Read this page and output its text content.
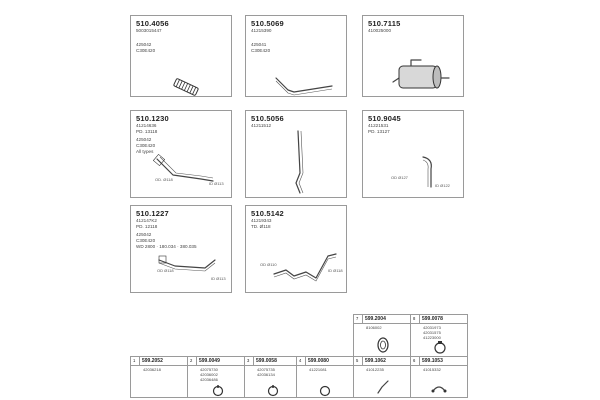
510.4056
5003015447
425042
C30E420
510.5069
41215390
425041
C30E420
510.7115
410025000
510.1230
41214636
PD. 13118
425042
C30E420
All types
OD. Ø118
ID Ø113
510.5056
41211512
510.9045
41221531
PD. 13127
OD Ø127
ID Ø122
510.1227
412147K2
PD. 12118
425042
C30E420
WD 2800 · 180.034 · 380.035
OD Ø118
ID Ø113
510.5142
41219343
TD. Ø118
OD Ø110
ID Ø118
7 599.2004
8106002
8 599.0078
42031973
42031575
41223000
1 599.2052
42036218
2 599.0049
42075730
42036002
42036486
3 599.0058
42075735
42036134
4 599.0080
41221081
5 599.1062
41012235
6 599.1053
41015332
